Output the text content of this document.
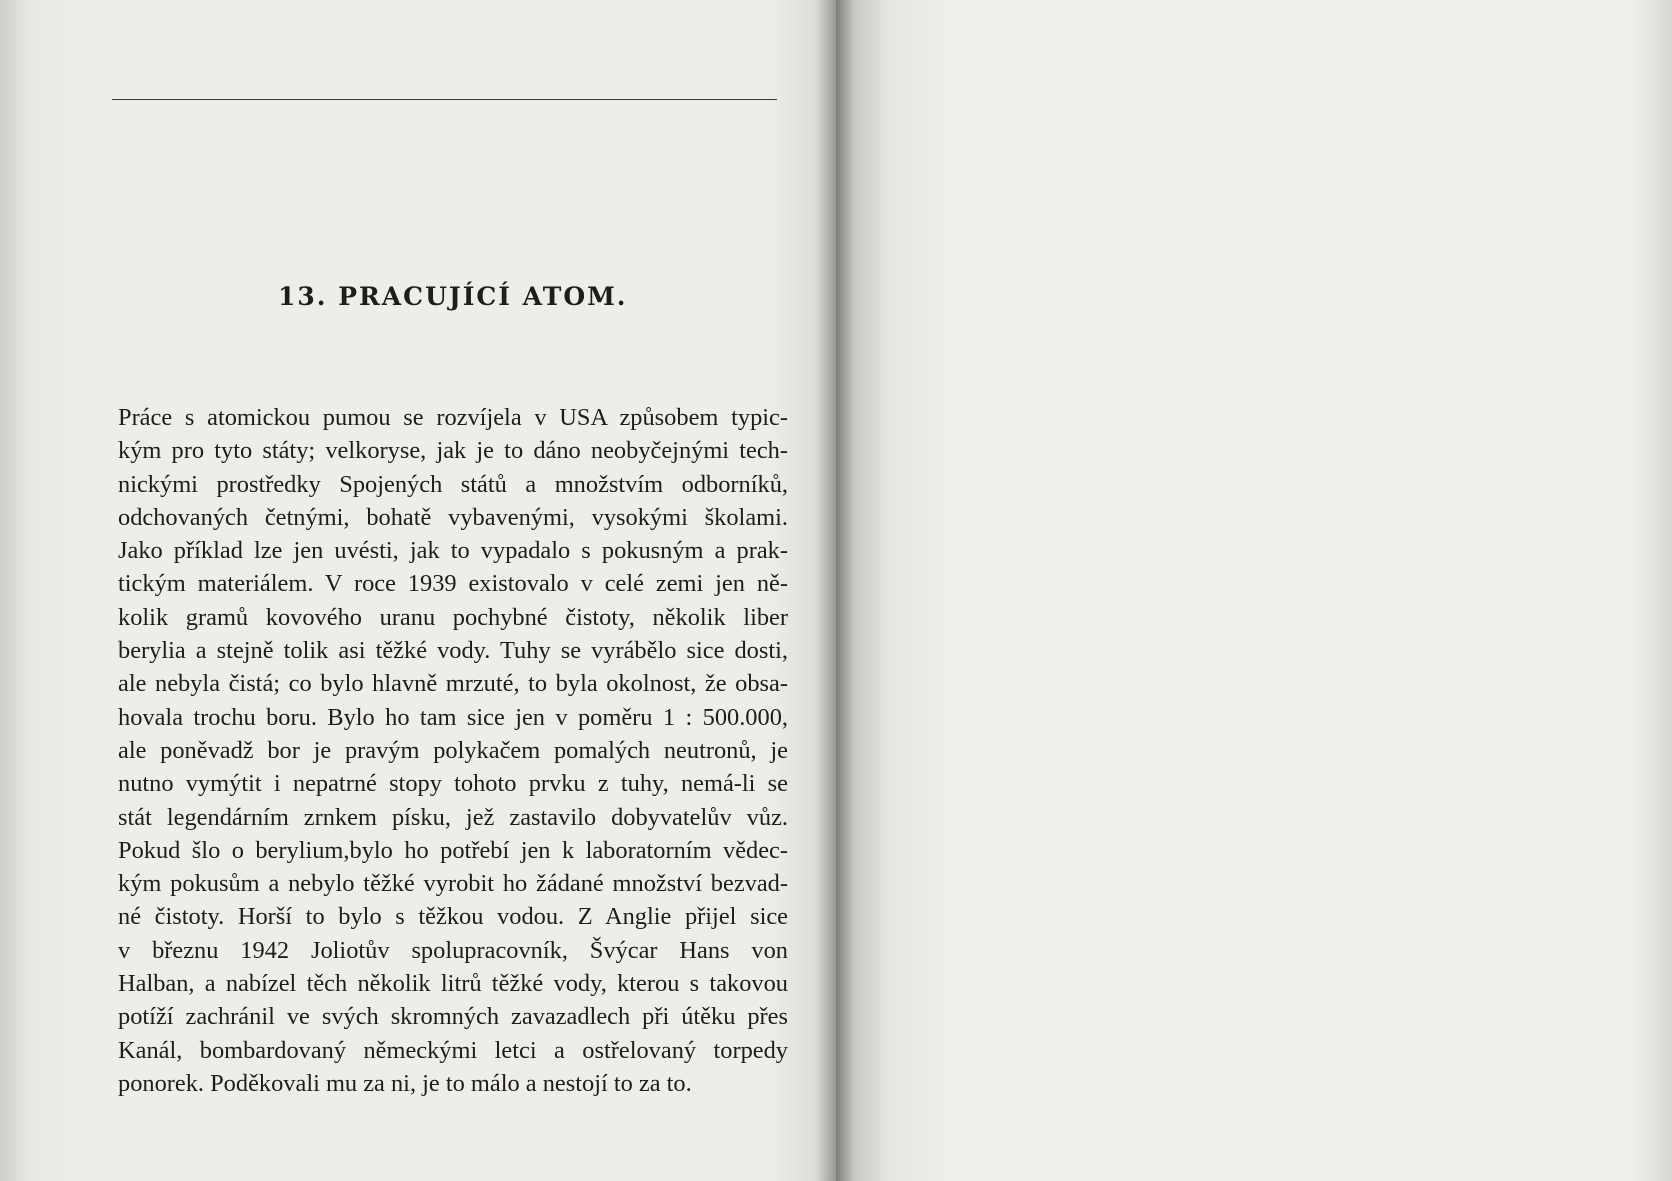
13. PRACUJÍCÍ ATOM.

Práce s atomickou pumou se rozvíjela v USA způsobem typic-
kým pro tyto státy; velkoryse, jak je to dáno neobyčejnými tech-
nickými prostředky Spojených států a množstvím odborníků,
odchovaných četnými, bohatě vybavenými, vysokými školami.
Jako příklad lze jen uvésti, jak to vypadalo s pokusným a prak-
tickým materiálem. V roce 1939 existovalo v celé zemi jen ně-
kolik gramů kovového uranu pochybné čistoty, několik liber
berylia a stejně tolik asi těžké vody. Tuhy se vyrábělo sice dosti,
ale nebyla čistá; co bylo hlavně mrzuté, to byla okolnost, že obsa-
hovala trochu boru. Bylo ho tam sice jen v poměru 1 : 500.000,
ale poněvadž bor je pravým polykačem pomalých neutronů, je
nutno vymýtit i nepatrné stopy tohoto prvku z tuhy, nemá-li se
stát legendárním zrnkem písku, jež zastavilo dobyvatelův vůz.
Pokud šlo o berylium,bylo ho potřebí jen k laboratorním vědec-
kým pokusům a nebylo těžké vyrobit ho žádané množství bezvad-
né čistoty. Horší to bylo s těžkou vodou. Z Anglie přijel sice
v březnu 1942 Joliotův spolupracovník, Švýcar Hans von
Halban, a nabízel těch několik litrů těžké vody, kterou s takovou
potíží zachránil ve svých skromných zavazadlech při útěku přes
Kanál, bombardovaný německými letci a ostřelovaný torpedy
ponorek. Poděkovali mu za ni, je to málo a nestojí to za to.
